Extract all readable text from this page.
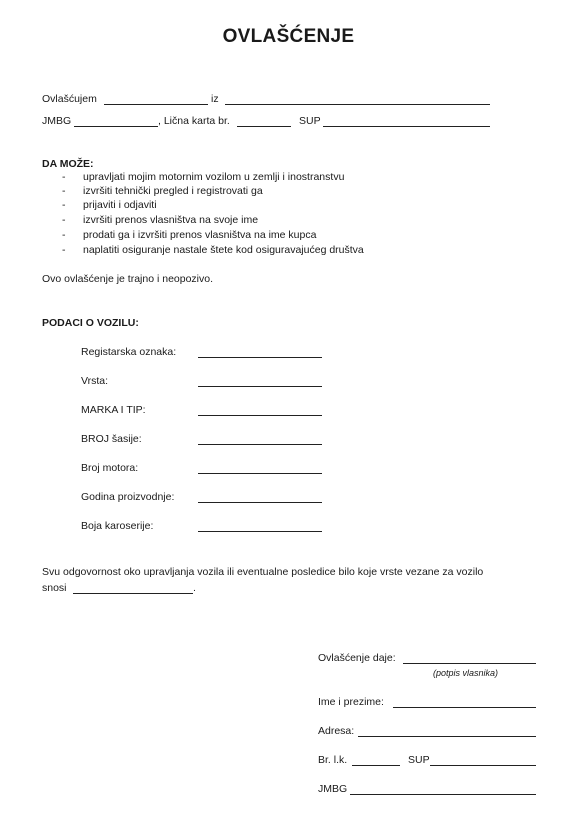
OVLAŠĆENJE
Ovlašćujem	iz
JMBG	, Lična karta br.	SUP
DA MOŽE:
- upravljati mojim motornim vozilom u zemlji i inostranstvu
- izvršiti tehnički pregled i registrovati ga
- prijaviti i odjaviti
- izvršiti prenos vlasništva na svoje ime
- prodati ga i izvršiti prenos vlasništva na ime kupca
- naplatiti osiguranje nastale štete kod osiguravajućeg društva
Ovo ovlašćenje je trajno i neopozivo.
PODACI O VOZILU:
Registarska oznaka:
Vrsta:
MARKA I TIP:
BROJ šasije:
Broj motora:
Godina proizvodnje:
Boja karoserije:
Svu odgovornost oko upravljanja vozila ili eventualne posledice bilo koje vrste vezane za vozilo
snosi	.
Ovlašćenje daje:
(potpis vlasnika)
Ime i prezime:
Adresa:
Br. l.k.	SUP
JMBG
